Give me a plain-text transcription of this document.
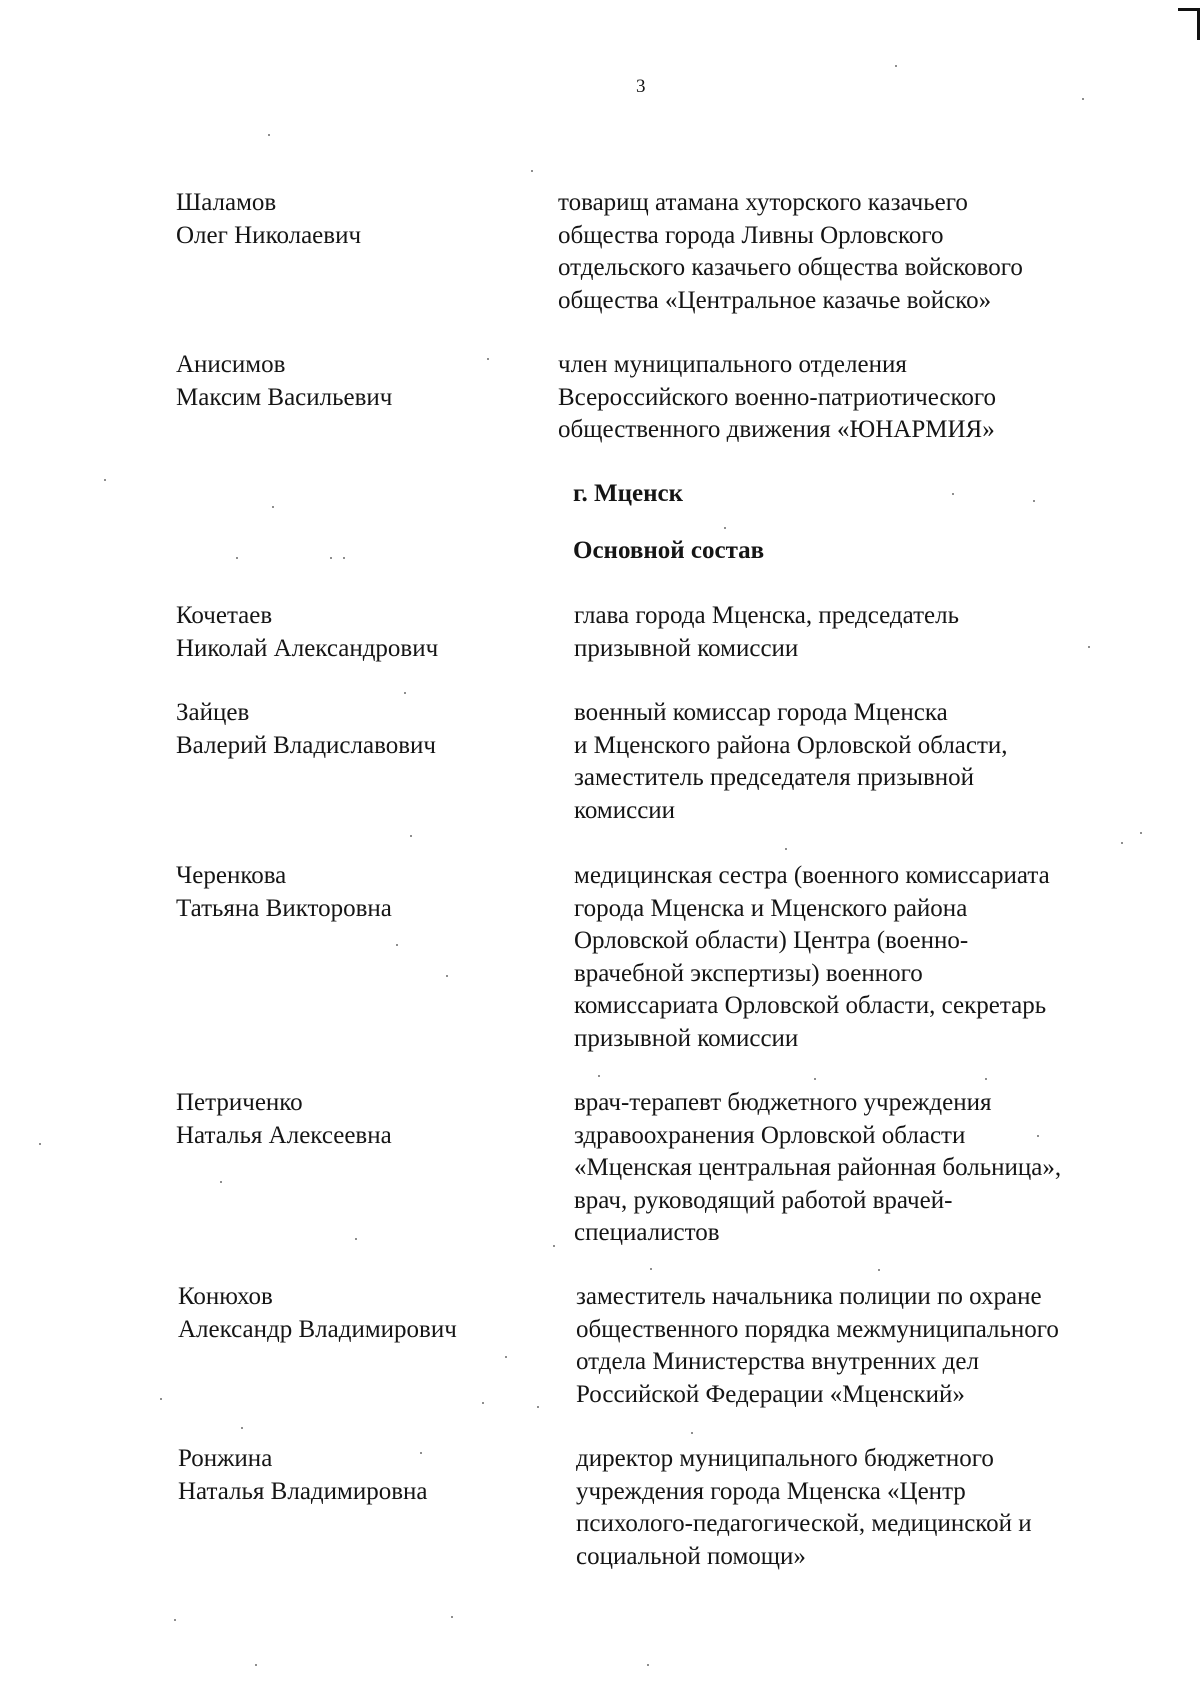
3
Шаламов
Олег Николаевич
товарищ атамана хуторского казачьего
общества города Ливны Орловского
отдельского казачьего общества войскового
общества «Центральное казачье войско»
Анисимов
Максим Васильевич
член муниципального отделения
Всероссийского военно-патриотического
общественного движения «ЮНАРМИЯ»
г. Мценск
Основной состав
Кочетаев
Николай Александрович
глава города Мценска, председатель
призывной комиссии
Зайцев
Валерий Владиславович
военный комиссар города Мценска
и Мценского района Орловской области,
заместитель председателя призывной
комиссии
Черенкова
Татьяна Викторовна
медицинская сестра (военного комиссариата
города Мценска и Мценского района
Орловской области) Центра (военно-
врачебной экспертизы) военного
комиссариата Орловской области, секретарь
призывной комиссии
Петриченко
Наталья Алексеевна
врач-терапевт бюджетного учреждения
здравоохранения Орловской области
«Мценская центральная районная больница»,
врач, руководящий работой врачей-
специалистов
Конюхов
Александр Владимирович
заместитель начальника полиции по охране
общественного порядка межмуниципального
отдела Министерства внутренних дел
Российской Федерации «Мценский»
Ронжина
Наталья Владимировна
директор муниципального бюджетного
учреждения города Мценска «Центр
психолого-педагогической, медицинской и
социальной помощи»
